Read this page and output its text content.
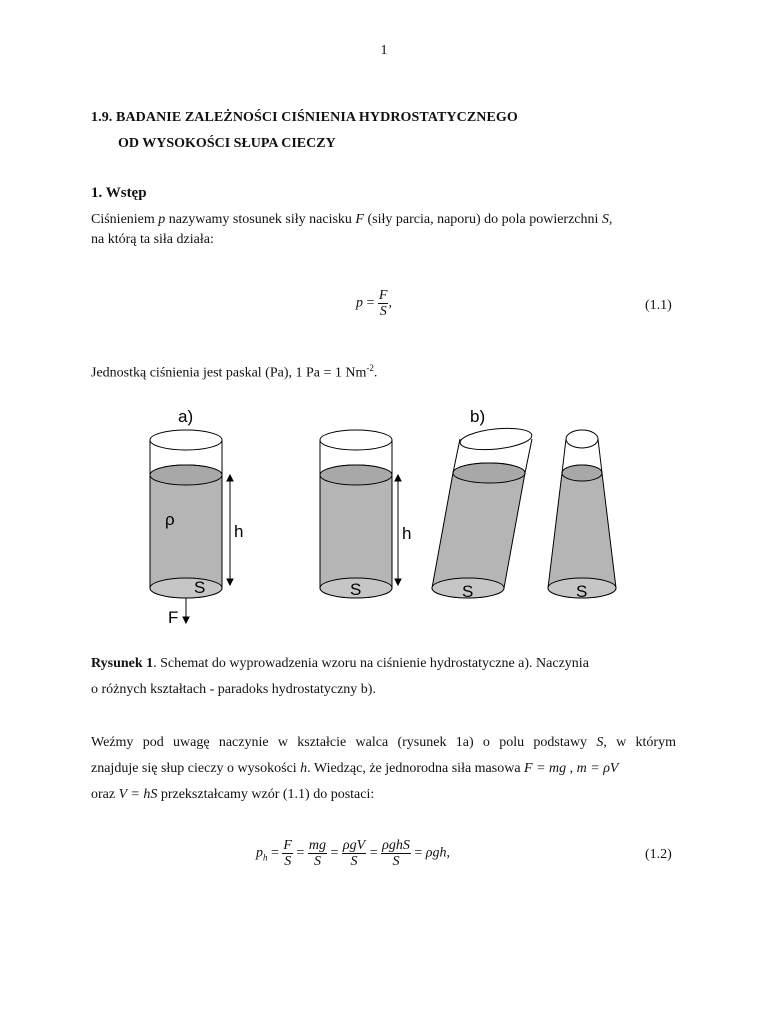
1
1.9. BADANIE ZALEŻNOŚCI CIŚNIENIA HYDROSTATYCZNEGO
OD WYSOKOŚCI SŁUPA CIECZY
1. Wstęp
Ciśnieniem p nazywamy stosunek siły nacisku F (siły parcia, naporu) do pola powierzchni S,
na którą ta siła działa:
$p = \frac{F}{S}$ ,	(1.1)
Jednostką ciśnienia jest paskal (Pa), 1 Pa = 1 $Nm^{-2}$.
a)	b)
ρ
h
S
F
h
S	S	S
Rysunek 1. Schemat do wyprowadzenia wzoru na ciśnienie hydrostatyczne a). Naczynia
o różnych kształtach - paradoks hydrostatyczny b).
Weźmy pod uwagę naczynie w kształcie walca (rysunek 1a) o polu podstawy S, w którym
znajduje się słup cieczy o wysokości h. Wiedząc, że jednorodna siła masowa F = mg , m = ρV
oraz V = hS przekształcamy wzór (1.1) do postaci:
$p_h = \frac{F}{S} = \frac{mg}{S} = \frac{\text{ρgV}}{S} = \frac{\text{ρghS}}{S} = \rho gh$,	(1.2)
